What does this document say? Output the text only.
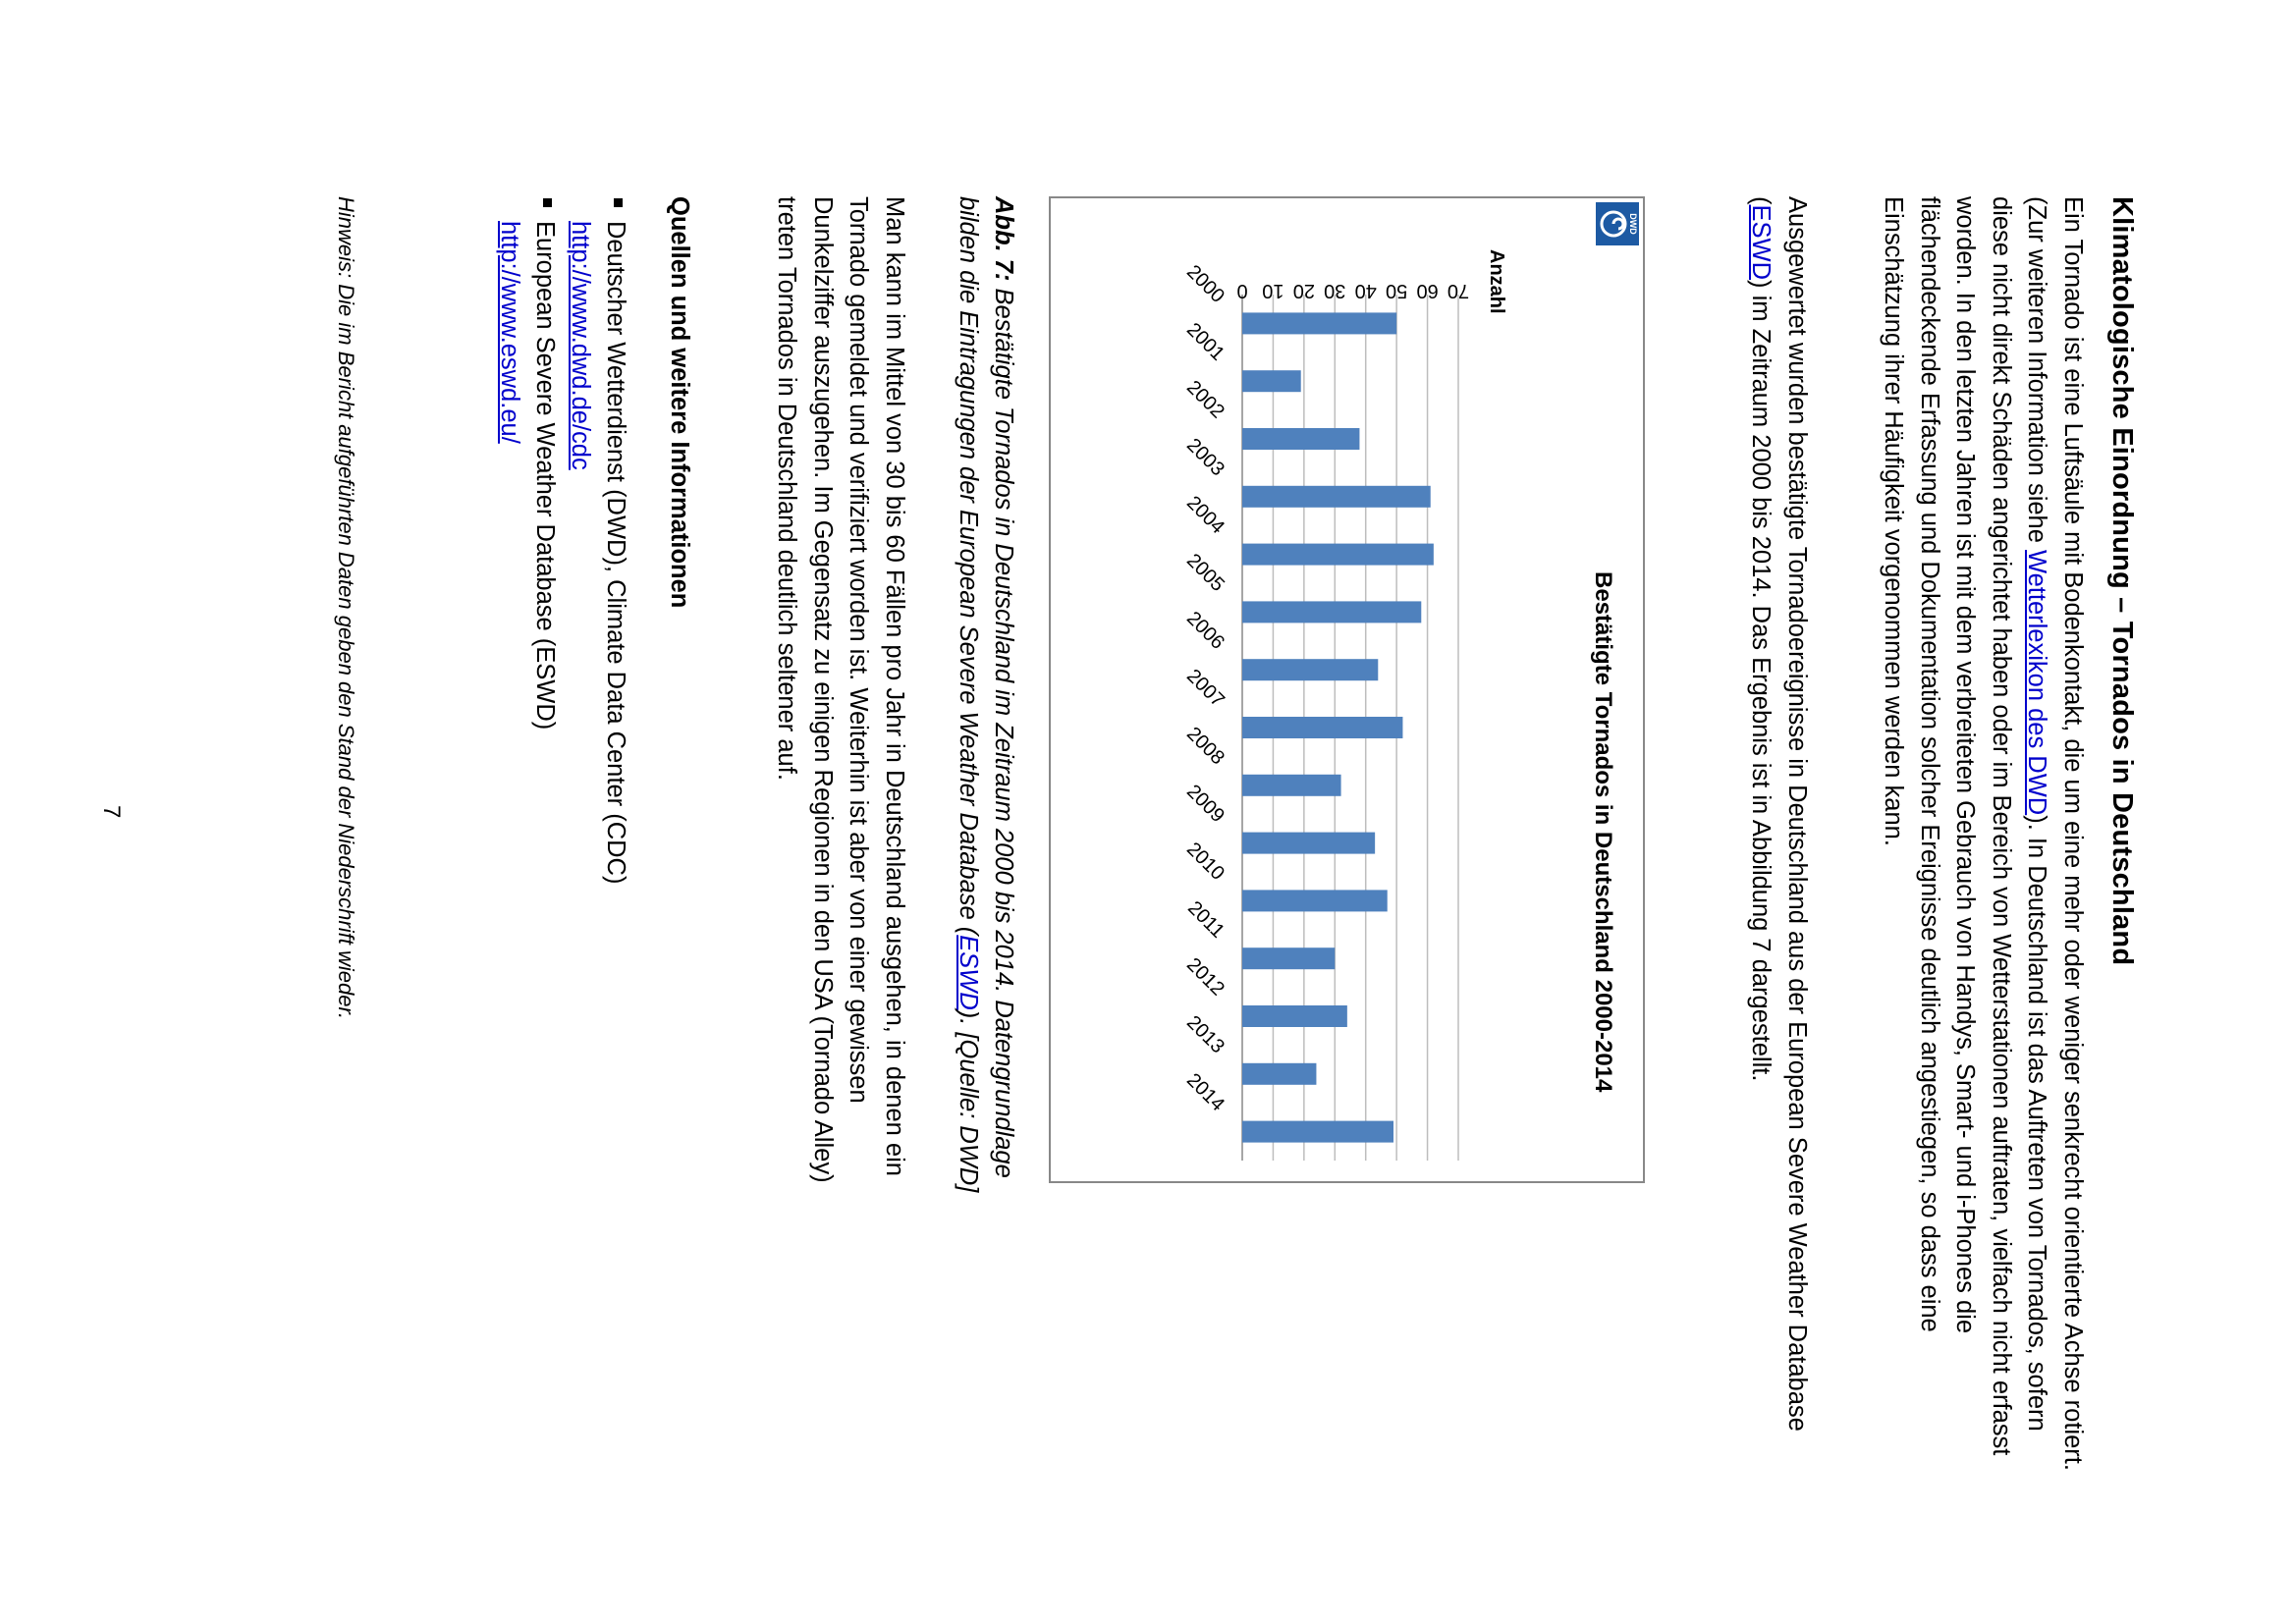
Klimatologische Einordnung – Tornados in Deutschland

Ein Tornado ist eine Luftsäule mit Bodenkontakt, die um eine mehr oder weniger senkrecht orientierte Achse rotiert. (Zur weiteren Information siehe Wetterlexikon des DWD). In Deutschland ist das Auftreten von Tornados, sofern diese nicht direkt Schäden angerichtet haben oder im Bereich von Wetterstationen auftraten, vielfach nicht erfasst worden. In den letzten Jahren ist mit dem verbreiteten Gebrauch von Handys, Smart- und i-Phones die flächendeckende Erfassung und Dokumentation solcher Ereignisse deutlich angestiegen, so dass eine Einschätzung ihrer Häufigkeit vorgenommen werden kann.

Ausgewertet wurden bestätigte Tornadoereignisse in Deutschland aus der European Severe Weather Database (ESWD) im Zeitraum 2000 bis 2014. Das Ergebnis ist in Abbildung 7 dargestellt.

DWD
Bestätigte Tornados in Deutschland 2000-2014
Anzahl
0 10 20 30 40 50 60 70
2000
2001
2002
2003
2004
2005
2006
2007
2008
2009
2010
2011
2012
2013
2014

Abb. 7: Bestätigte Tornados in Deutschland im Zeitraum 2000 bis 2014. Datengrundlage bilden die Eintragungen der European Severe Weather Database (ESWD). [Quelle: DWD]

Man kann im Mittel von 30 bis 60 Fällen pro Jahr in Deutschland ausgehen, in denen ein Tornado gemeldet und verifiziert worden ist. Weiterhin ist aber von einer gewissen Dunkelziffer auszugehen. Im Gegensatz zu einigen Regionen in den USA (Tornado Alley) treten Tornados in Deutschland deutlich seltener auf.

Quellen und weitere Informationen
Deutscher Wetterdienst (DWD), Climate Data Center (CDC)
http://www.dwd.de/cdc
European Severe Weather Database (ESWD)
http://www.eswd.eu/

Hinweis: Die im Bericht aufgeführten Daten geben den Stand der Niederschrift wieder.

7
